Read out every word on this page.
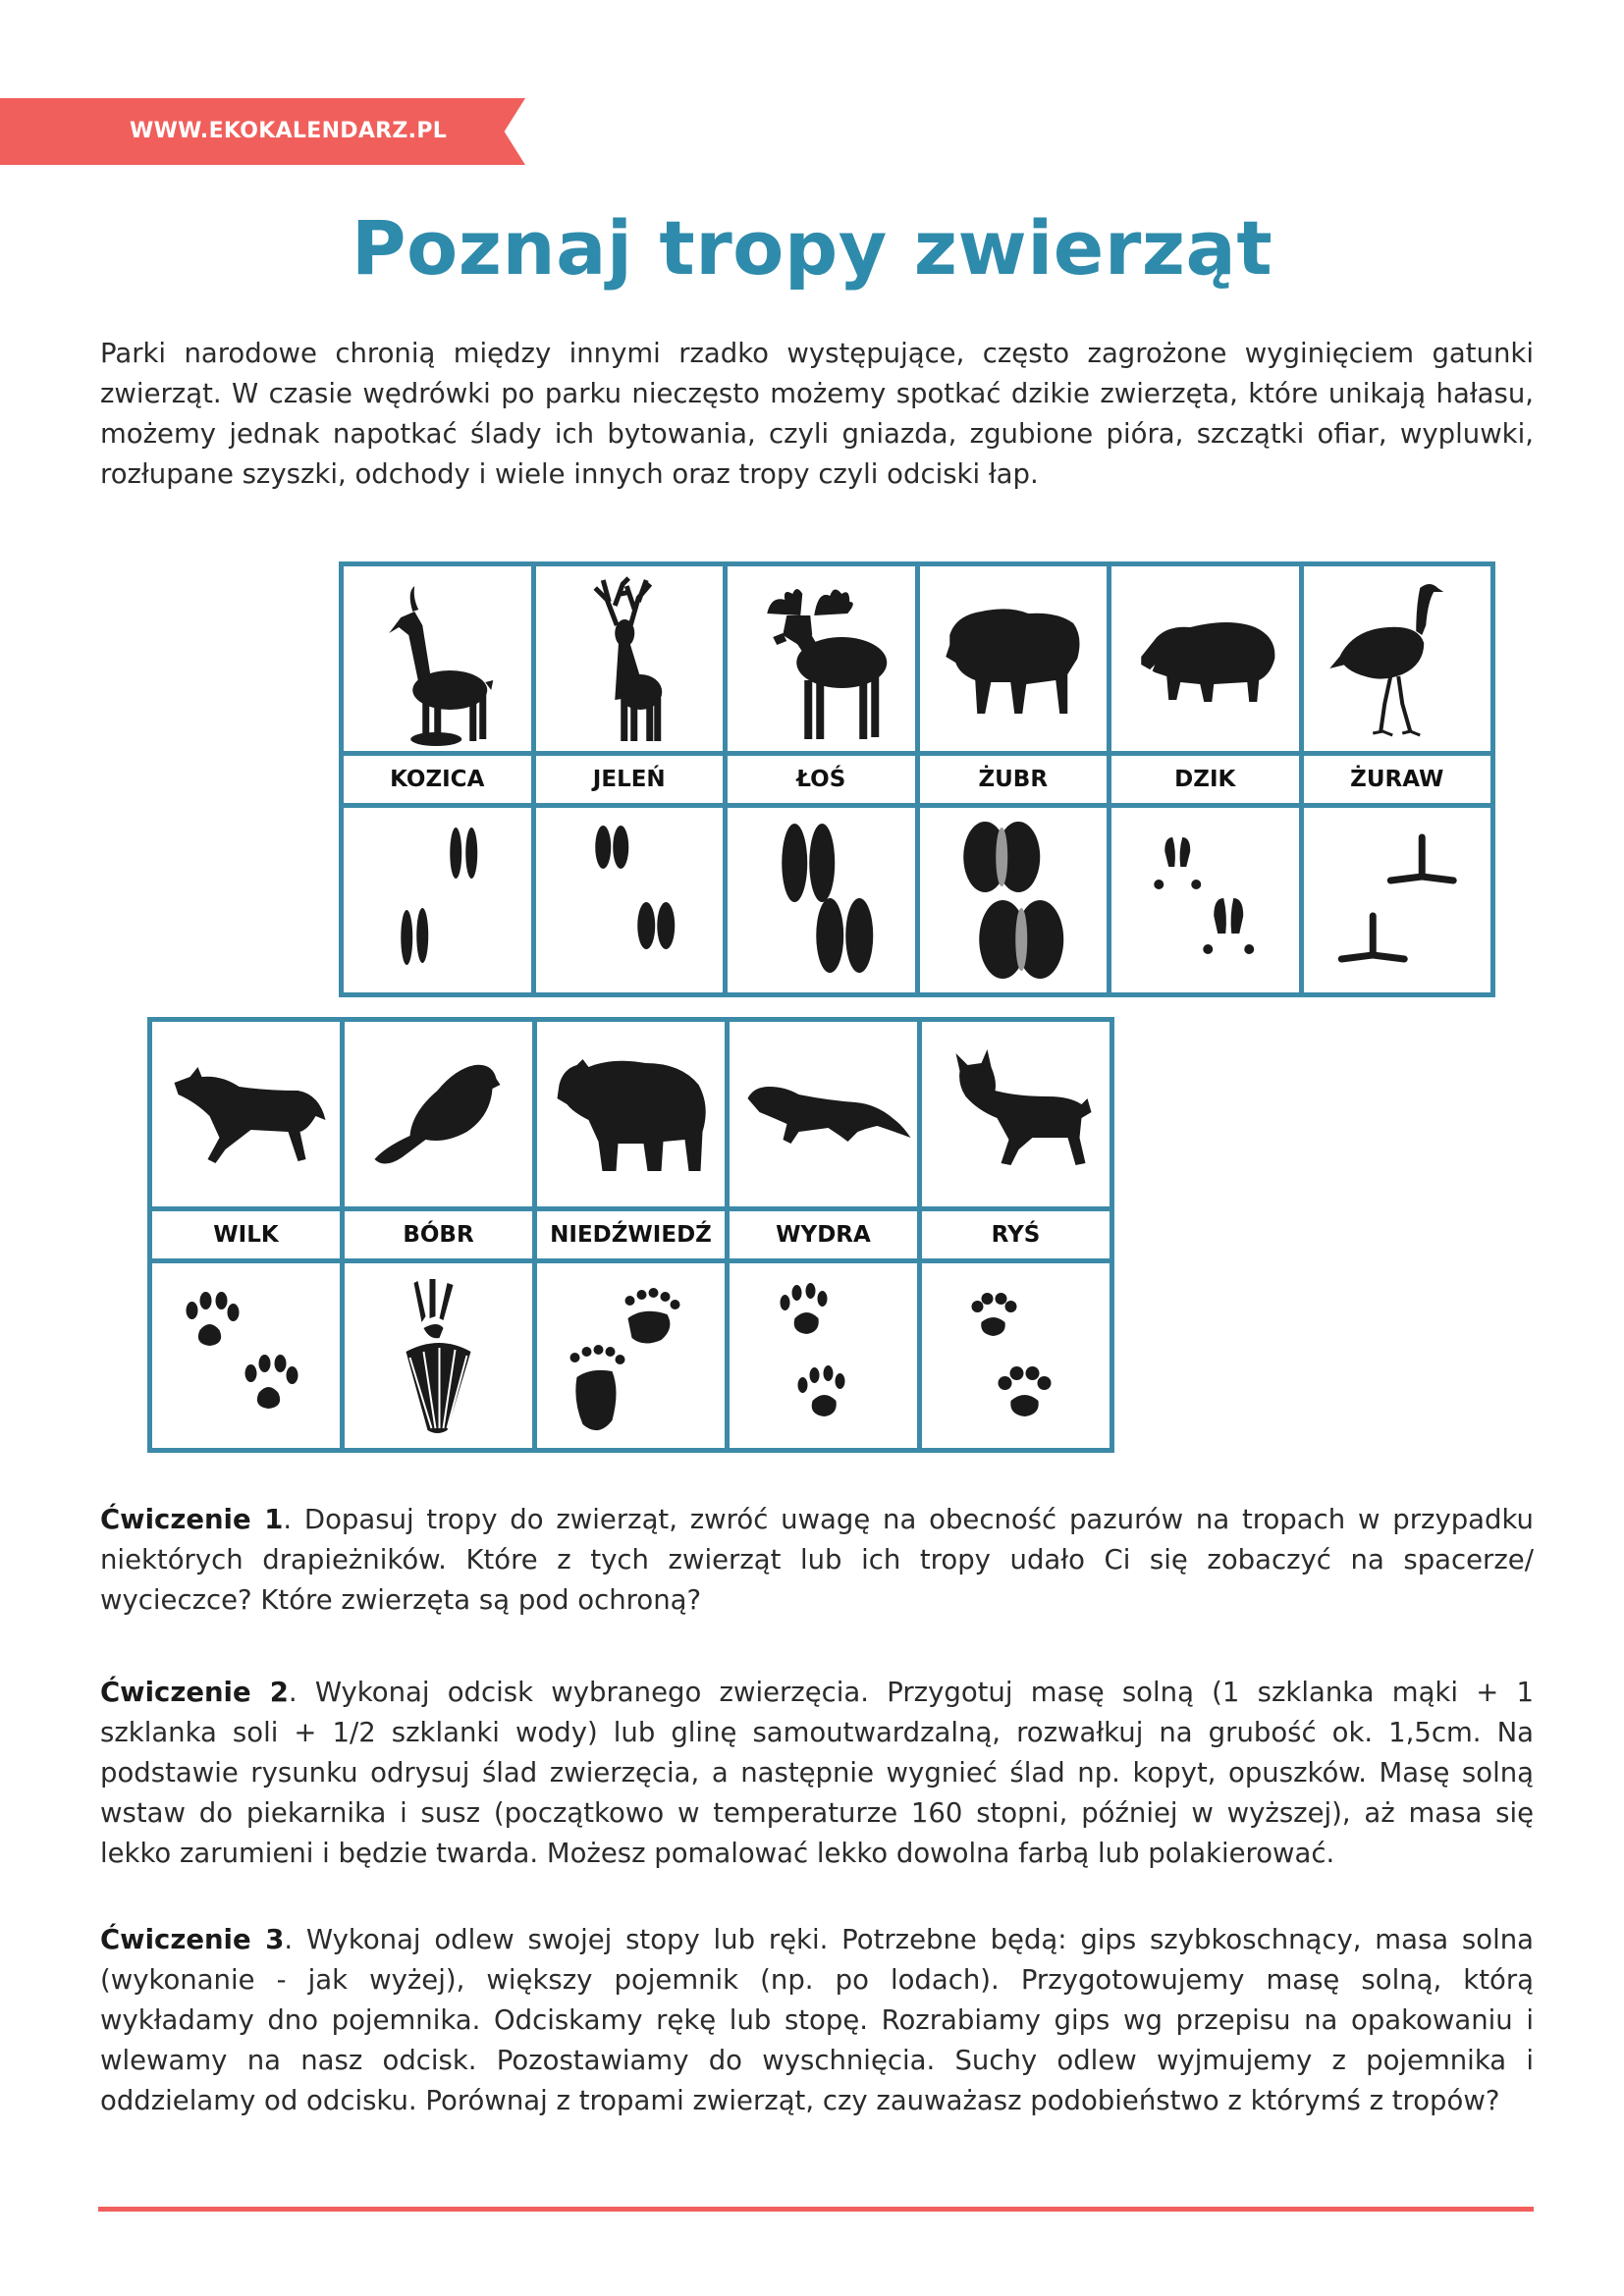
WWW.EKOKALENDARZ.PL
Poznaj tropy zwierząt
Parki narodowe chronią między innymi rzadko występujące, często zagrożone wyginięciem gatunki zwierząt. W czasie wędrówki po parku nieczęsto możemy spotkać dzikie zwierzęta, które unikają hałasu, możemy jednak napotkać ślady ich bytowania, czyli gniazda, zgubione pióra, szczątki ofiar, wypluwki, rozłupane szyszki, odchody i wiele innych oraz tropy czyli odciski łap.
KOZICA	JELEŃ	ŁOŚ	ŻUBR	DZIK	ŻURAW
WILK	BÓBR	NIEDŹWIEDŹ	WYDRA	RYŚ
Ćwiczenie 1. Dopasuj tropy do zwierząt, zwróć uwagę na obecność pazurów na tropach w przypadku niektórych drapieżników. Które z tych zwierząt lub ich tropy udało Ci się zobaczyć na spacerze/ wycieczce? Które zwierzęta są pod ochroną?
Ćwiczenie 2. Wykonaj odcisk wybranego zwierzęcia. Przygotuj masę solną (1 szklanka mąki + 1 szklanka soli + 1/2 szklanki wody) lub glinę samoutwardzalną, rozwałkuj na grubość ok. 1,5cm. Na podstawie rysunku odrysuj ślad zwierzęcia, a następnie wygnieć ślad np. kopyt, opuszków. Masę solną wstaw do piekarnika i susz (początkowo w temperaturze 160 stopni, później w wyższej), aż masa się lekko zarumieni i będzie twarda. Możesz pomalować lekko dowolna farbą lub polakierować.
Ćwiczenie 3. Wykonaj odlew swojej stopy lub ręki. Potrzebne będą: gips szybkoschnący, masa solna (wykonanie - jak wyżej), większy pojemnik (np. po lodach). Przygotowujemy masę solną, którą wykładamy dno pojemnika. Odciskamy rękę lub stopę. Rozrabiamy gips wg przepisu na opakowaniu i wlewamy na nasz odcisk. Pozostawiamy do wyschnięcia. Suchy odlew wyjmujemy z pojemnika i oddzielamy od odcisku. Porównaj z tropami zwierząt, czy zauważasz podobieństwo z którymś z tropów?
